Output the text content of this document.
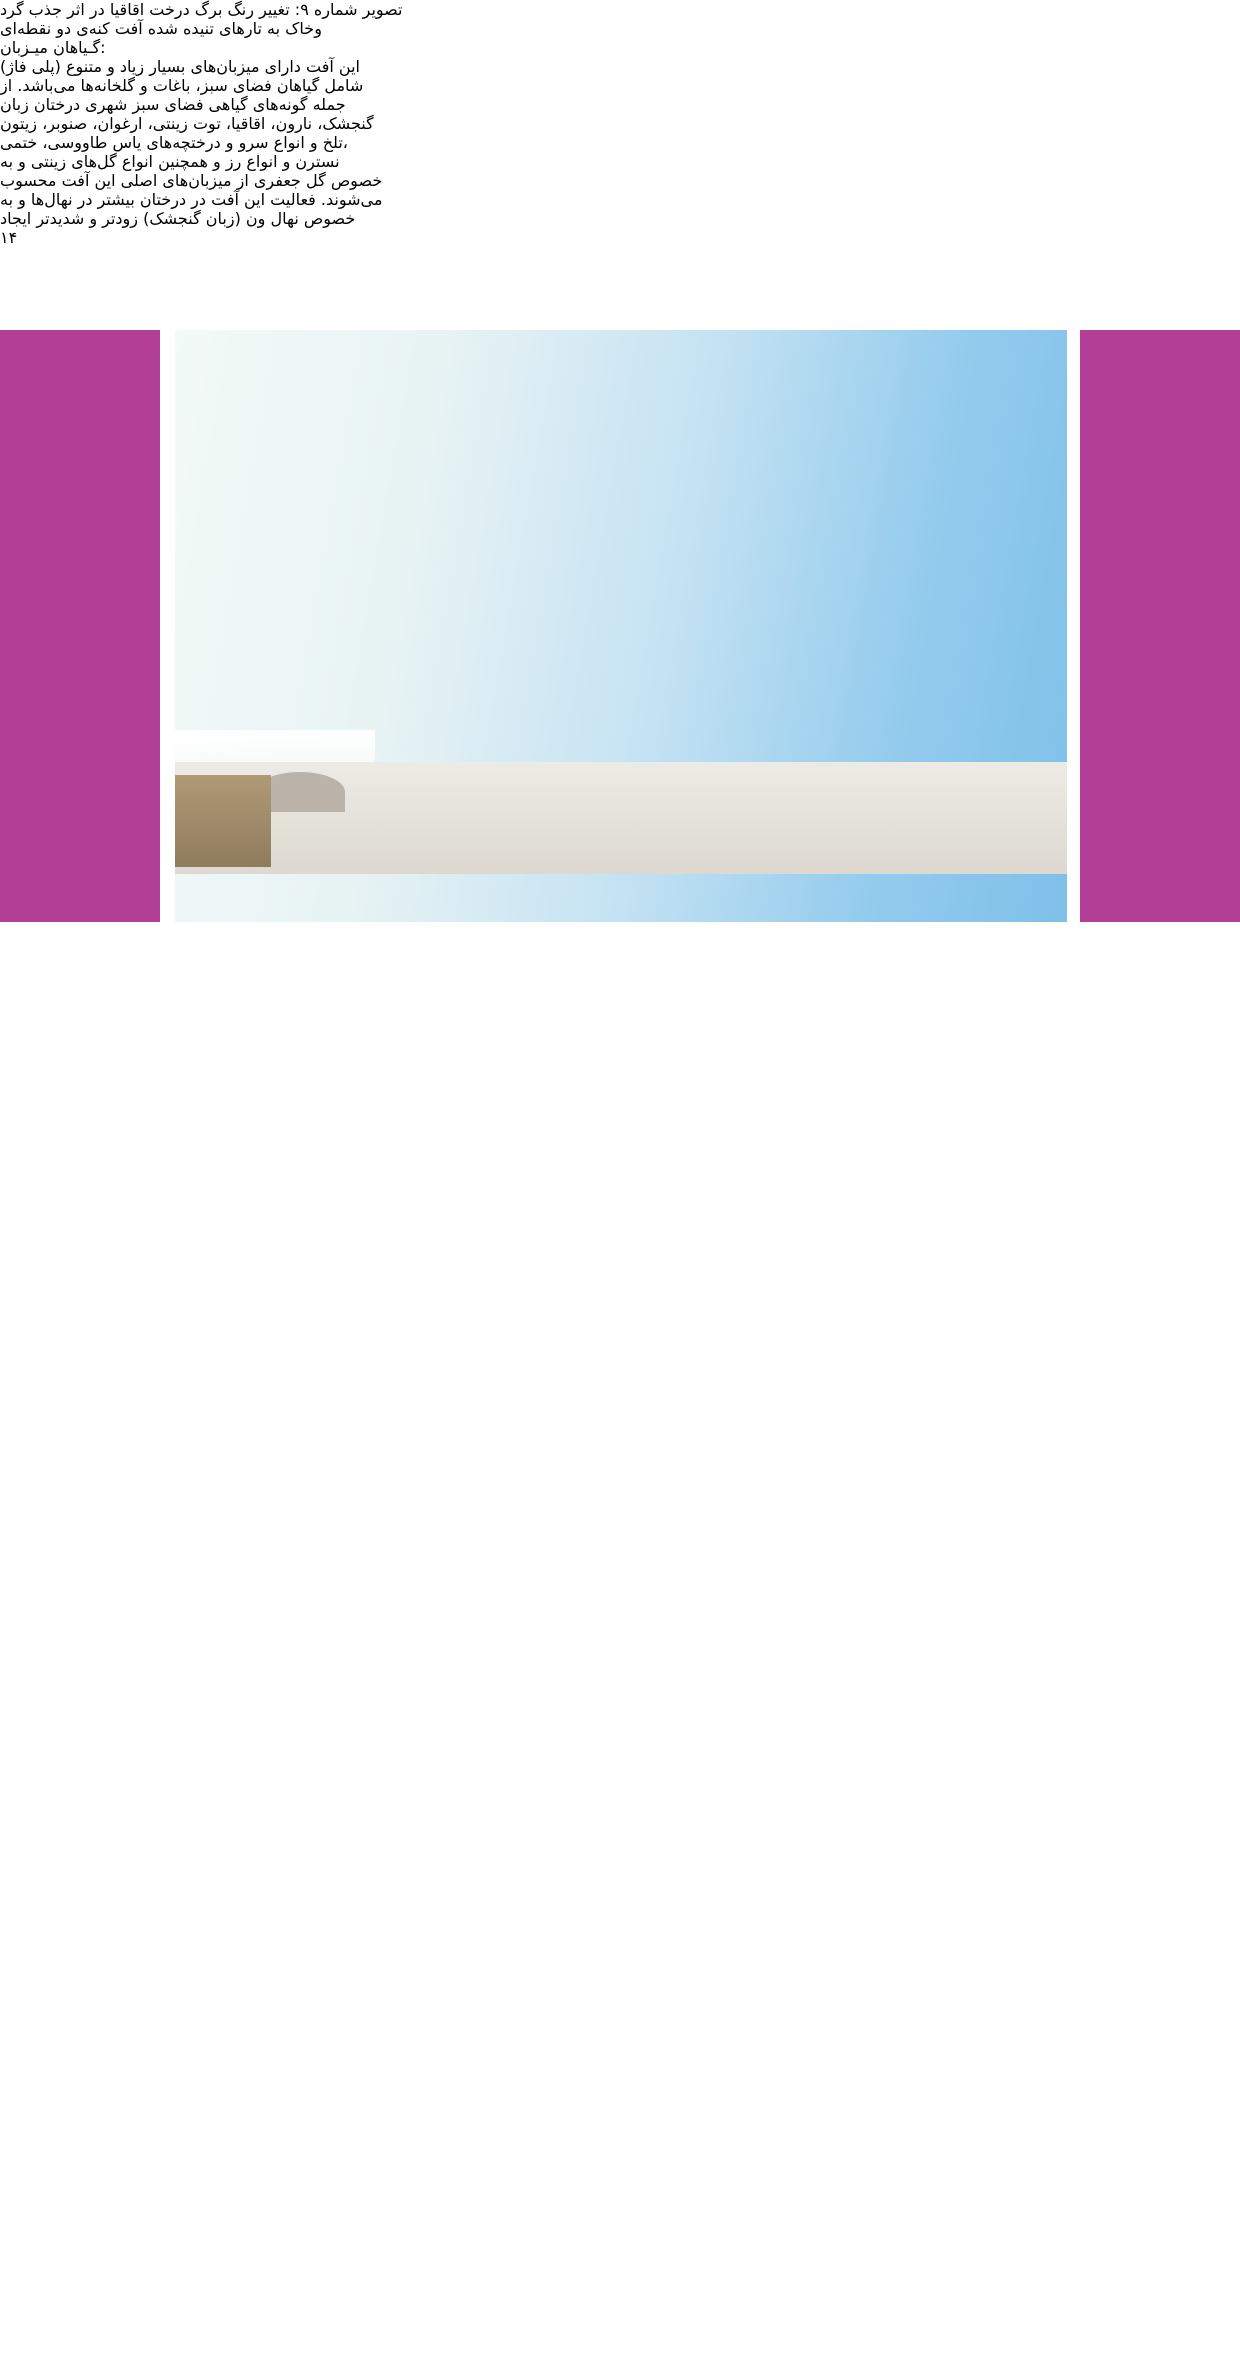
تصویر شماره ۹: تغییر رنگ برگ درخت اقاقیا در اثر جذب گرد
وخاک به تارهای تنیده شده آفت کنه‌ی دو نقطه‌ای
گـیاهان میـزبان:
این آفت دارای میزبان‌های بسیار زیاد و متنوع (پلی فاژ)
شامل گیاهان فضای سبز، باغات و گلخانه‌ها می‌باشد. از
جمله گونه‌های گیاهی فضای سبز شهری درختان زبان
گنجشک، نارون، اقاقیا، توت زینتی، ارغوان، صنوبر، زیتون
تلخ و انواع سرو و درختچه‌های یاس طاووسی، ختمی،
نسترن و انواع رز و همچنین انواع گل‌های زینتی و به
خصوص گل جعفری از میزبان‌های اصلی این آفت محسوب
می‌شوند. فعالیت این آفت در درختان بیشتر در نهال‌ها و به
خصوص نهال ون (زبان گنجشک) زودتر و شدیدتر ایجاد
۱۴
